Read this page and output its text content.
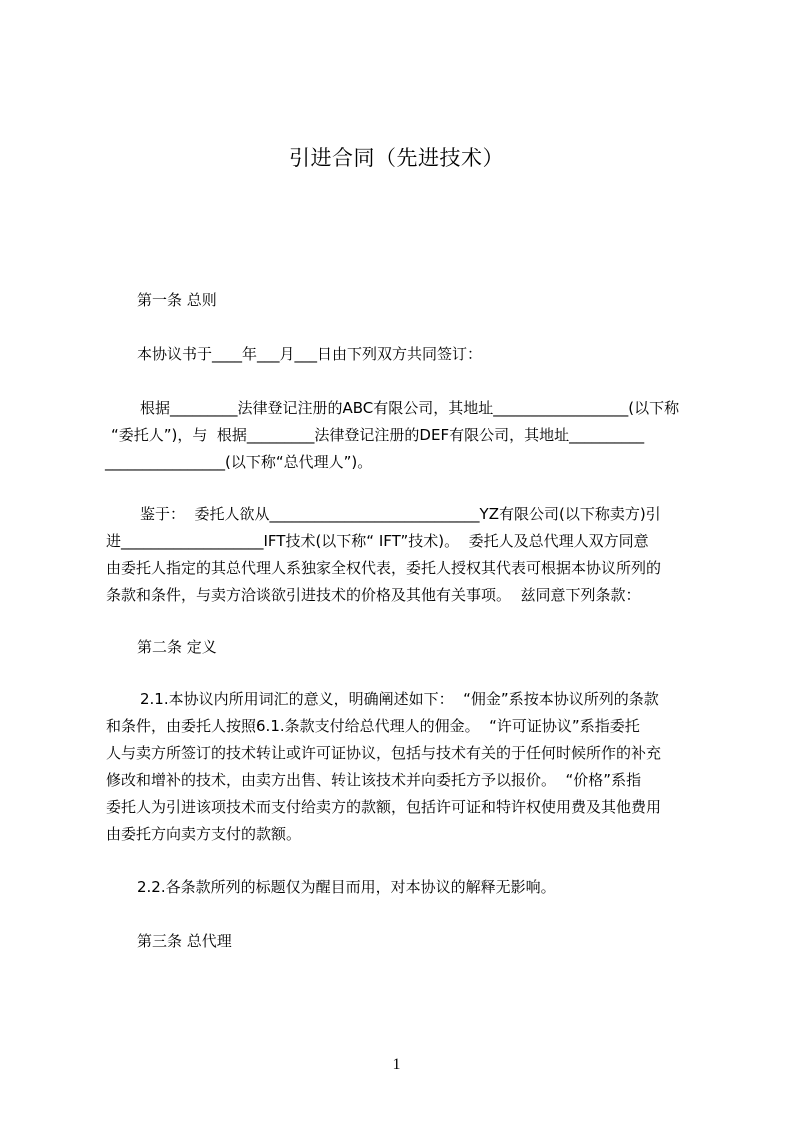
引进合同（先进技术）
第一条 总则
本协议书于____年___月___日由下列双方共同签订：
根据_________法律登记注册的ABC有限公司，其地址__________________(以下称
“委托人”)，与  根据_________法律登记注册的DEF有限公司，其地址__________
________________(以下称“总代理人”)。
鉴于：  委托人欲从____________________________YZ有限公司(以下称卖方)引
进___________________IFT技术(以下称“ IFT”技术)。  委托人及总代理人双方同意
由委托人指定的其总代理人系独家全权代表，委托人授权其代表可根据本协议所列的
条款和条件，与卖方洽谈欲引进技术的价格及其他有关事项。  兹同意下列条款：
第二条 定义
2.1.本协议内所用词汇的意义，明确阐述如下：  “佣金”系按本协议所列的条款
和条件，由委托人按照6.1.条款支付给总代理人的佣金。  “许可证协议”系指委托
人与卖方所签订的技术转让或许可证协议，包括与技术有关的于任何时候所作的补充
修改和增补的技术，由卖方出售、转让该技术并向委托方予以报价。  “价格”系指
委托人为引进该项技术而支付给卖方的款额，包括许可证和特许权使用费及其他费用
由委托方向卖方支付的款额。
2.2.各条款所列的标题仅为醒目而用，对本协议的解释无影响。
第三条 总代理
1
